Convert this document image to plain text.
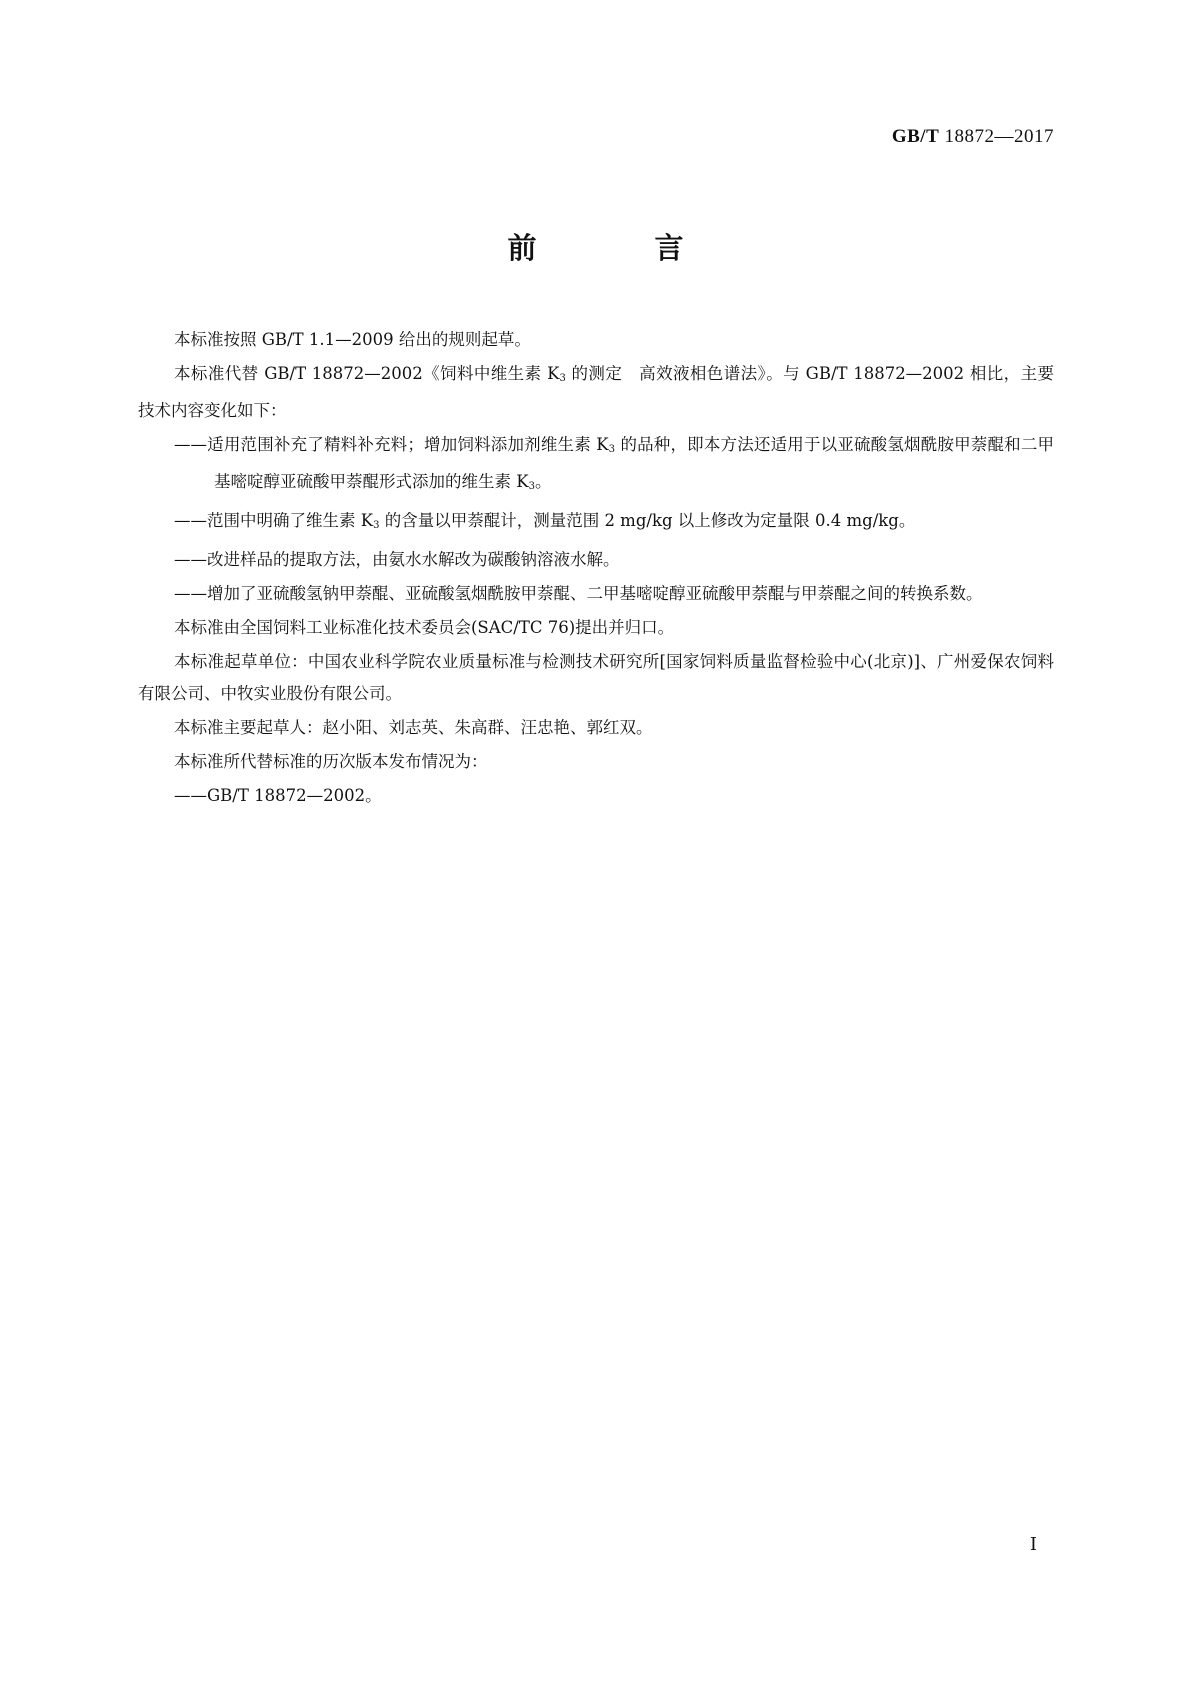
GB/T 18872—2017
前 言

本标准按照 GB/T 1.1—2009 给出的规则起草。

本标准代替 GB/T 18872—2002《饲料中维生素 $K_3$ 的测定　高效液相色谱法》。与 GB/T 18872—2002 相比，主要技术内容变化如下：

——适用范围补充了精料补充料；增加饲料添加剂维生素 $K_3$ 的品种，即本方法还适用于以亚硫酸氢烟酰胺甲萘醌和二甲基嘧啶醇亚硫酸甲萘醌形式添加的维生素 $K_3$。

——范围中明确了维生素 $K_3$ 的含量以甲萘醌计，测量范围 2 mg/kg 以上修改为定量限 0.4 mg/kg。

——改进样品的提取方法，由氨水水解改为碳酸钠溶液水解。

——增加了亚硫酸氢钠甲萘醌、亚硫酸氢烟酰胺甲萘醌、二甲基嘧啶醇亚硫酸甲萘醌与甲萘醌之间的转换系数。

本标准由全国饲料工业标准化技术委员会(SAC/TC 76)提出并归口。

本标准起草单位：中国农业科学院农业质量标准与检测技术研究所[国家饲料质量监督检验中心(北京)]、广州爱保农饲料有限公司、中牧实业股份有限公司。

本标准主要起草人：赵小阳、刘志英、朱高群、汪忠艳、郭红双。

本标准所代替标准的历次版本发布情况为：

——GB/T 18872—2002。

I
